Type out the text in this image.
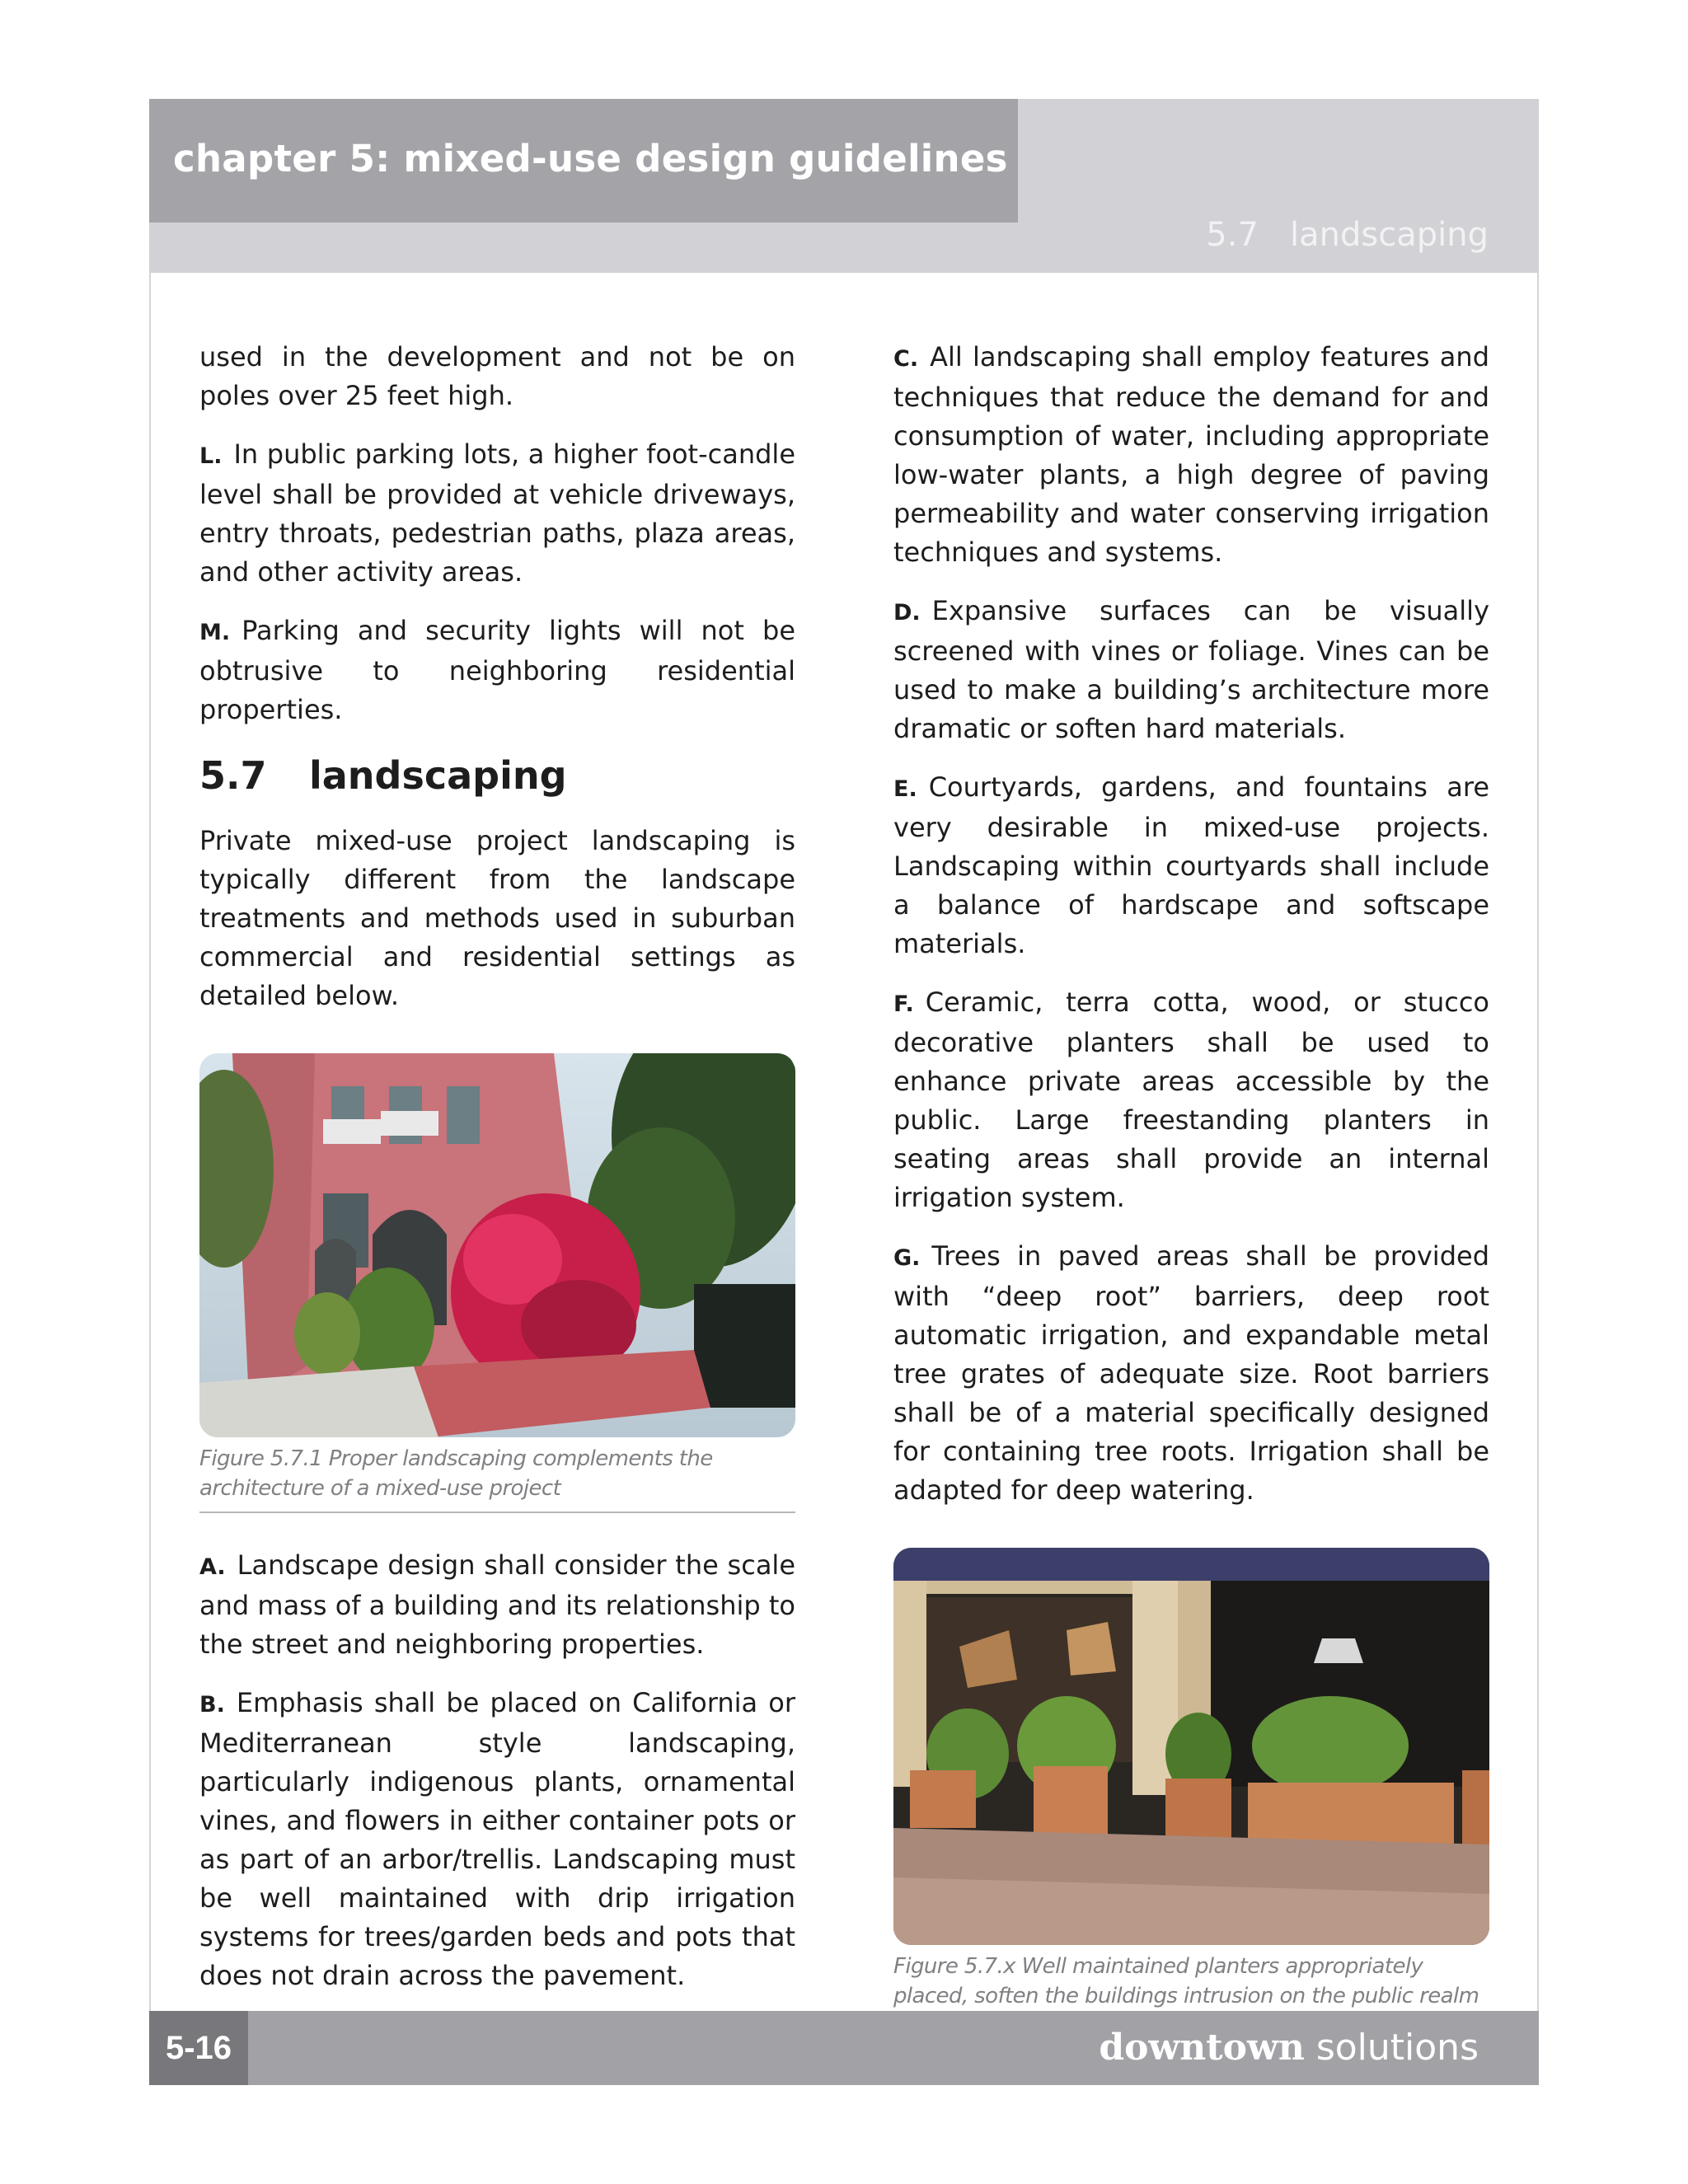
chapter 5: mixed-use design guidelines
5.7   landscaping

used in the development and not be on poles over 25 feet high.

L. In public parking lots, a higher foot-candle level shall be provided at vehicle driveways, entry throats, pedestrian paths, plaza areas, and other activity areas.

M. Parking and security lights will not be obtrusive to neighboring residential properties.

5.7 landscaping

Private mixed-use project landscaping is typically different from the landscape treatments and methods used in suburban commercial and residential settings as detailed below.

Figure 5.7.1 Proper landscaping complements the architecture of a mixed-use project

A. Landscape design shall consider the scale and mass of a building and its relationship to the street and neighboring properties.

B. Emphasis shall be placed on California or Mediterranean style landscaping, particularly indigenous plants, ornamental vines, and flowers in either container pots or as part of an arbor/trellis. Landscaping must be well maintained with drip irrigation systems for trees/garden beds and pots that does not drain across the pavement.

C. All landscaping shall employ features and techniques that reduce the demand for and consumption of water, including appropriate low-water plants, a high degree of paving permeability and water conserving irrigation techniques and systems.

D. Expansive surfaces can be visually screened with vines or foliage. Vines can be used to make a building’s architecture more dramatic or soften hard materials.

E. Courtyards, gardens, and fountains are very desirable in mixed-use projects. Landscaping within courtyards shall include a balance of hardscape and softscape materials.

F. Ceramic, terra cotta, wood, or stucco decorative planters shall be used to enhance private areas accessible by the public. Large freestanding planters in seating areas shall provide an internal irrigation system.

G. Trees in paved areas shall be provided with “deep root” barriers, deep root automatic irrigation, and expandable metal tree grates of adequate size. Root barriers shall be of a material specifically designed for containing tree roots. Irrigation shall be adapted for deep watering.

Figure 5.7.x Well maintained planters appropriately placed, soften the buildings intrusion on the public realm
5-16	downtown solutions
